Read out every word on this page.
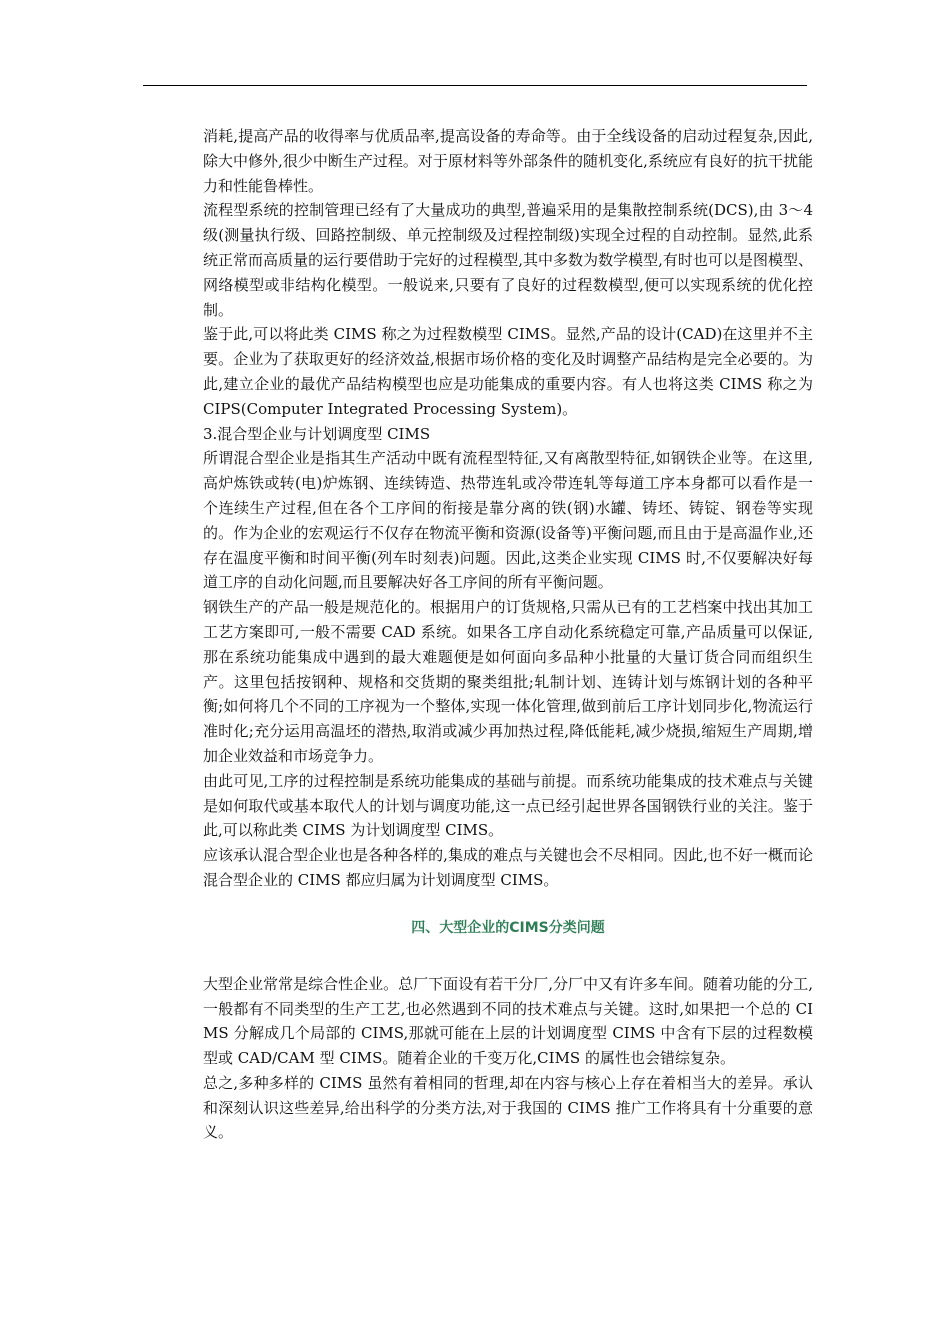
消耗,提高产品的收得率与优质品率,提高设备的寿命等。由于全线设备的启动过程复杂,因此,除大中修外,很少中断生产过程。对于原材料等外部条件的随机变化,系统应有良好的抗干扰能力和性能鲁棒性。

流程型系统的控制管理已经有了大量成功的典型,普遍采用的是集散控制系统(DCS),由 3～4 级(测量执行级、回路控制级、单元控制级及过程控制级)实现全过程的自动控制。显然,此系统正常而高质量的运行要借助于完好的过程模型,其中多数为数学模型,有时也可以是图模型、网络模型或非结构化模型。一般说来,只要有了良好的过程数模型,便可以实现系统的优化控制。

鉴于此,可以将此类 CIMS 称之为过程数模型 CIMS。显然,产品的设计(CAD)在这里并不主要。企业为了获取更好的经济效益,根据市场价格的变化及时调整产品结构是完全必要的。为此,建立企业的最优产品结构模型也应是功能集成的重要内容。有人也将这类 CIMS 称之为 CIPS(Computer Integrated Processing System)。

3.混合型企业与计划调度型 CIMS

所谓混合型企业是指其生产活动中既有流程型特征,又有离散型特征,如钢铁企业等。在这里,高炉炼铁或转(电)炉炼钢、连续铸造、热带连轧或冷带连轧等每道工序本身都可以看作是一个连续生产过程,但在各个工序间的衔接是靠分离的铁(钢)水罐、铸坯、铸锭、钢卷等实现的。作为企业的宏观运行不仅存在物流平衡和资源(设备等)平衡问题,而且由于是高温作业,还存在温度平衡和时间平衡(列车时刻表)问题。因此,这类企业实现 CIMS 时,不仅要解决好每道工序的自动化问题,而且要解决好各工序间的所有平衡问题。

钢铁生产的产品一般是规范化的。根据用户的订货规格,只需从已有的工艺档案中找出其加工工艺方案即可,一般不需要 CAD 系统。如果各工序自动化系统稳定可靠,产品质量可以保证,那在系统功能集成中遇到的最大难题便是如何面向多品种小批量的大量订货合同而组织生产。这里包括按钢种、规格和交货期的聚类组批;轧制计划、连铸计划与炼钢计划的各种平衡;如何将几个不同的工序视为一个整体,实现一体化管理,做到前后工序计划同步化,物流运行准时化;充分运用高温坯的潜热,取消或减少再加热过程,降低能耗,减少烧损,缩短生产周期,增加企业效益和市场竞争力。

由此可见,工序的过程控制是系统功能集成的基础与前提。而系统功能集成的技术难点与关键是如何取代或基本取代人的计划与调度功能,这一点已经引起世界各国钢铁行业的关注。鉴于此,可以称此类 CIMS 为计划调度型 CIMS。

应该承认混合型企业也是各种各样的,集成的难点与关键也会不尽相同。因此,也不好一概而论混合型企业的 CIMS 都应归属为计划调度型 CIMS。

四、大型企业的CIMS分类问题

大型企业常常是综合性企业。总厂下面设有若干分厂,分厂中又有许多车间。随着功能的分工,一般都有不同类型的生产工艺,也必然遇到不同的技术难点与关键。这时,如果把一个总的 CIMS 分解成几个局部的 CIMS,那就可能在上层的计划调度型 CIMS 中含有下层的过程数模型或 CAD/CAM 型 CIMS。随着企业的千变万化,CIMS 的属性也会错综复杂。

总之,多种多样的 CIMS 虽然有着相同的哲理,却在内容与核心上存在着相当大的差异。承认和深刻认识这些差异,给出科学的分类方法,对于我国的 CIMS 推广工作将具有十分重要的意义。
